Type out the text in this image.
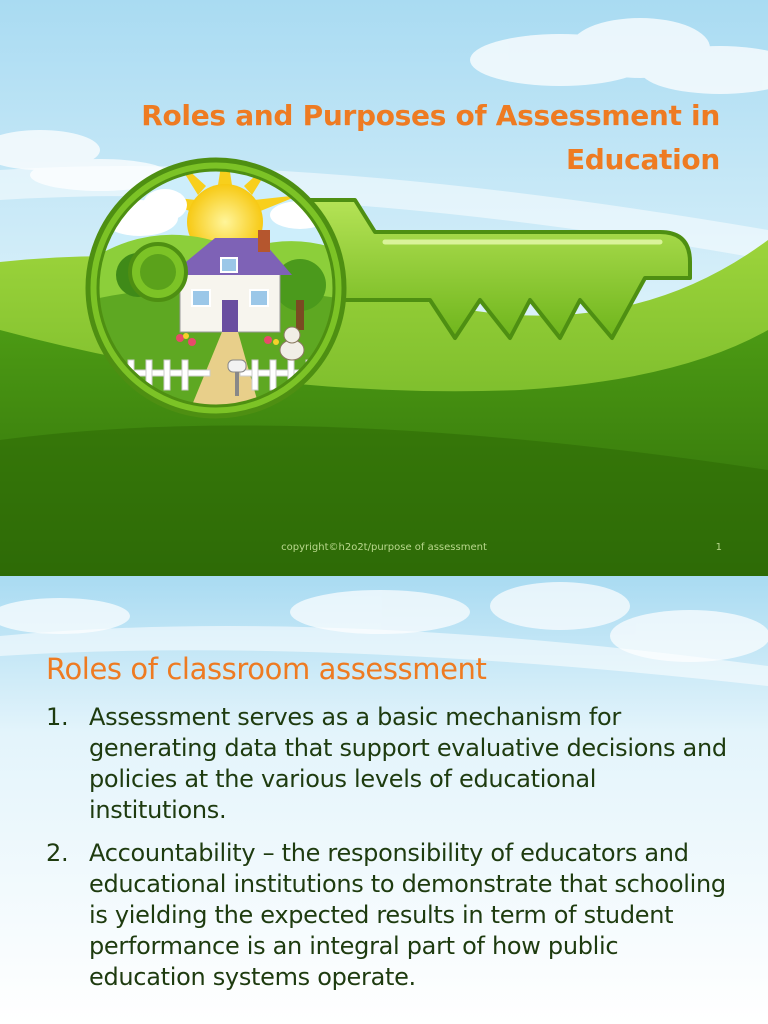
Roles and Purposes of Assessment in Education
copyright©h2o2t/purpose of assessment	1
Roles of classroom assessment
1. Assessment serves as a basic mechanism for generating data that support evaluative decisions and policies at the various levels of educational institutions.
2. Accountability – the responsibility of educators and educational institutions to demonstrate that schooling is yielding the expected results in term of student performance is an integral part of how public education systems operate.
